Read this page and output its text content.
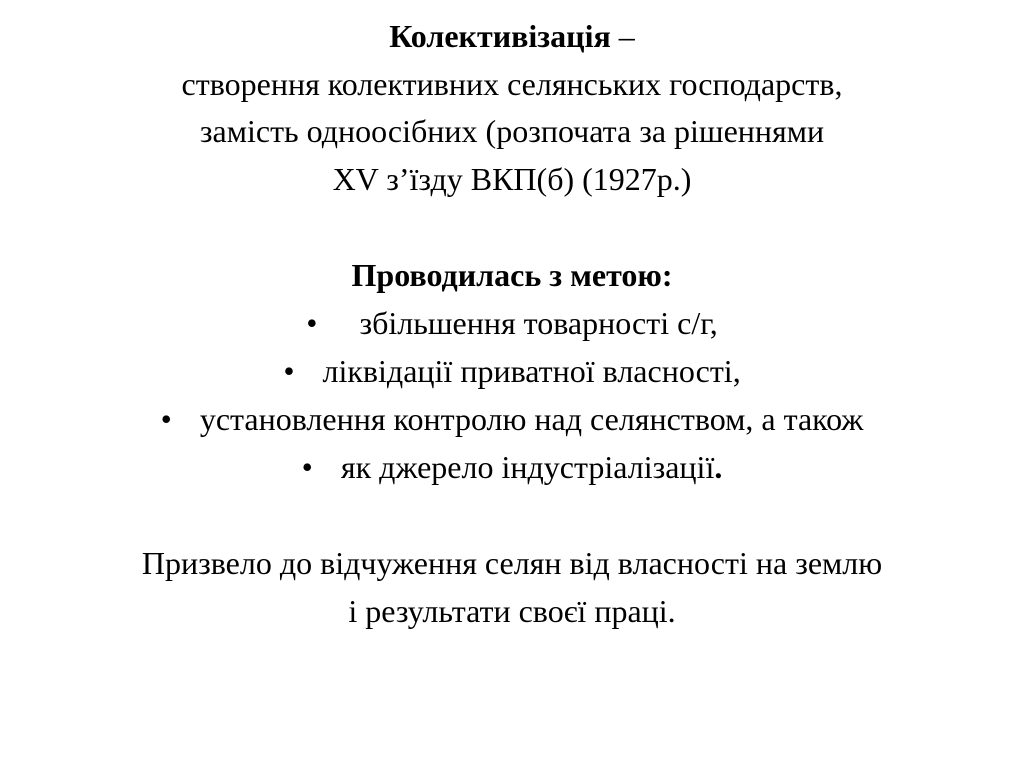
Колективізація –
створення колективних селянських господарств,
замість одноосібних (розпочата за рішеннями
XV з’їзду ВКП(б) (1927р.)
Проводилась з метою:
• збільшення товарності с/г,
• ліквідації приватної власності,
• установлення контролю над селянством, а також
• як джерело індустріалізації.
Призвело до відчуження селян від власності на землю
і результати своєї праці.
